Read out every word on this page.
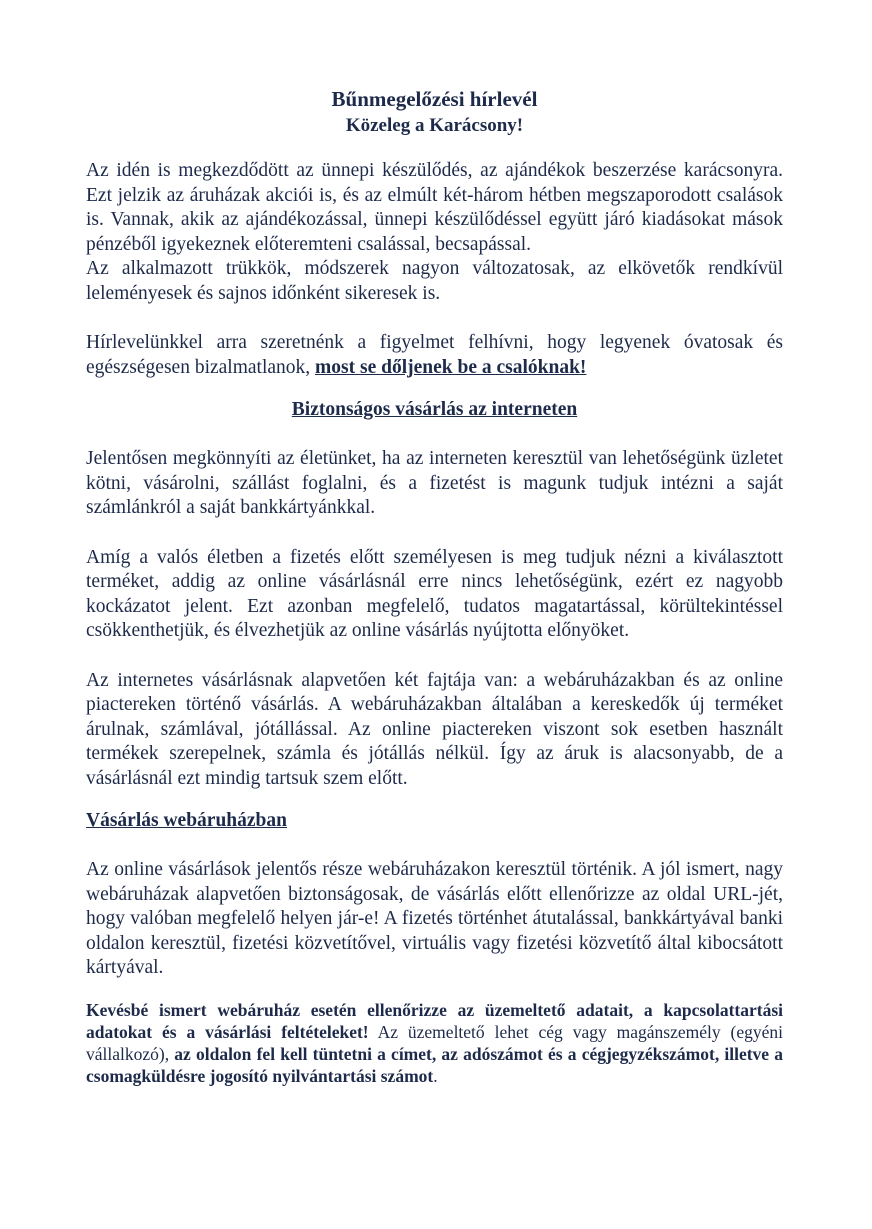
Bűnmegelőzési hírlevél
Közeleg a Karácsony!

Az idén is megkezdődött az ünnepi készülődés, az ajándékok beszerzése karácsonyra. Ezt jelzik az áruházak akciói is, és az elmúlt két-három hétben megszaporodott csalások is. Vannak, akik az ajándékozással, ünnepi készülődéssel együtt járó kiadásokat mások pénzéből igyekeznek előteremteni csalással, becsapással.

Az alkalmazott trükkök, módszerek nagyon változatosak, az elkövetők rendkívül leleményesek és sajnos időnként sikeresek is.

Hírlevelünkkel arra szeretnénk a figyelmet felhívni, hogy legyenek óvatosak és egészségesen bizalmatlanok, most se dőljenek be a csalóknak!

Biztonságos vásárlás az interneten

Jelentősen megkönnyíti az életünket, ha az interneten keresztül van lehetőségünk üzletet kötni, vásárolni, szállást foglalni, és a fizetést is magunk tudjuk intézni a saját számlánkról a saját bankkártyánkkal.

Amíg a valós életben a fizetés előtt személyesen is meg tudjuk nézni a kiválasztott terméket, addig az online vásárlásnál erre nincs lehetőségünk, ezért ez nagyobb kockázatot jelent. Ezt azonban megfelelő, tudatos magatartással, körültekintéssel csökkenthetjük, és élvezhetjük az online vásárlás nyújtotta előnyöket.

Az internetes vásárlásnak alapvetően két fajtája van: a webáruházakban és az online piactereken történő vásárlás. A webáruházakban általában a kereskedők új terméket árulnak, számlával, jótállással. Az online piactereken viszont sok esetben használt termékek szerepelnek, számla és jótállás nélkül. Így az áruk is alacsonyabb, de a vásárlásnál ezt mindig tartsuk szem előtt.

Vásárlás webáruházban

Az online vásárlások jelentős része webáruházakon keresztül történik. A jól ismert, nagy webáruházak alapvetően biztonságosak, de vásárlás előtt ellenőrizze az oldal URL-jét, hogy valóban megfelelő helyen jár-e! A fizetés történhet átutalással, bankkártyával banki oldalon keresztül, fizetési közvetítővel, virtuális vagy fizetési közvetítő által kibocsátott kártyával.

Kevésbé ismert webáruház esetén ellenőrizze az üzemeltető adatait, a kapcsolattartási adatokat és a vásárlási feltételeket! Az üzemeltető lehet cég vagy magánszemély (egyéni vállalkozó), az oldalon fel kell tüntetni a címet, az adószámot és a cégjegyzékszámot, illetve a csomagküldésre jogosító nyilvántartási számot.
